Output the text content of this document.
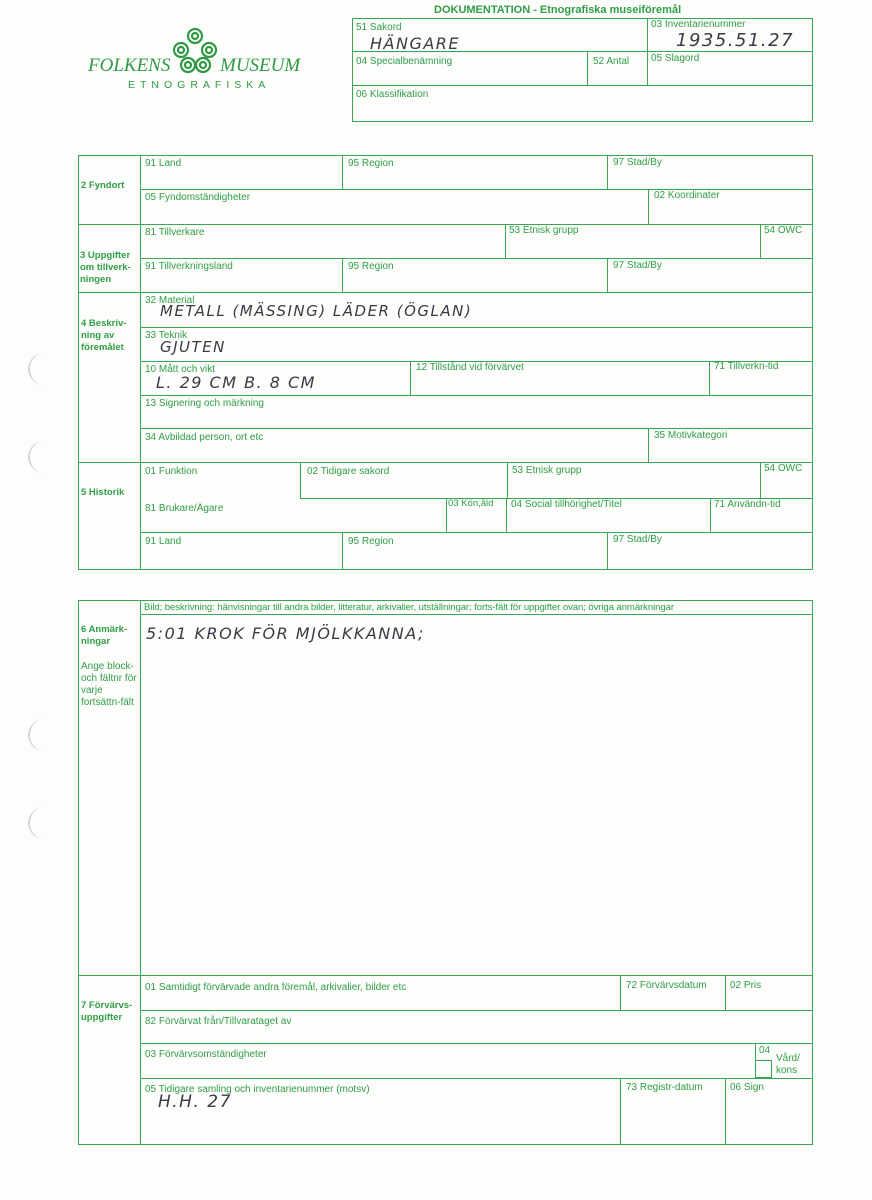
FOLKENS	MUSEUM
ETNOGRAFISKA
DOKUMENTATION - Etnografiska museiföremål
51 Sakord
HÄNGARE
03 Inventarienummer
1935.51.27
04 Specialbenämning	52 Antal 05 Slagord
06 Klassifikation
2 Fyndort
91 Land	95 Region	97 Stad/By
05 Fyndomständigheter	02 Koordinater
3 Uppgifter om tillverk-ningen
81 Tillverkare	53 Etnisk grupp	54 OWC
91 Tillverkningsland	95 Region	97 Stad/By
4 Beskriv-ning av föremålet
32 Material
METALL (MÄSSING) LÄDER (ÖGLAN)
33 Teknik
GJUTEN
10 Mått och vikt
L. 29 CM B. 8 CM
12 Tillstånd vid förvärvet	71 Tillverkn-tid
13 Signering och märkning
34 Avbildad person, ort etc	35 Motivkategori
5 Historik
01 Funktion	02 Tidigare sakord	53 Etnisk grupp	54 OWC
81 Brukare/Ägare	03 Kön,åld 04 Social tillhörighet/Titel	71 Användn-tid
91 Land	95 Region	97 Stad/By
6 Anmärk-ningar
Ange block-och fältnr för varje fortsättn-fält
Bild; beskrivning: hänvisningar till andra bilder, litteratur, arkivalier, utställningar; forts-fält för uppgifter ovan; övriga anmärkningar
5:01 KROK FÖR MJÖLKKANNA;
7 Förvärvs-uppgifter
01 Samtidigt förvärvade andra föremål, arkivalier, bilder etc	72 Förvärvsdatum 02 Pris
82 Förvärvat från/Tillvarataget av
03 Förvärvsomständigheter	04
Vård/ kons
05 Tidigare samling och inventarienummer (motsv)
H.H. 27
73 Registr-datum	06 Sign
